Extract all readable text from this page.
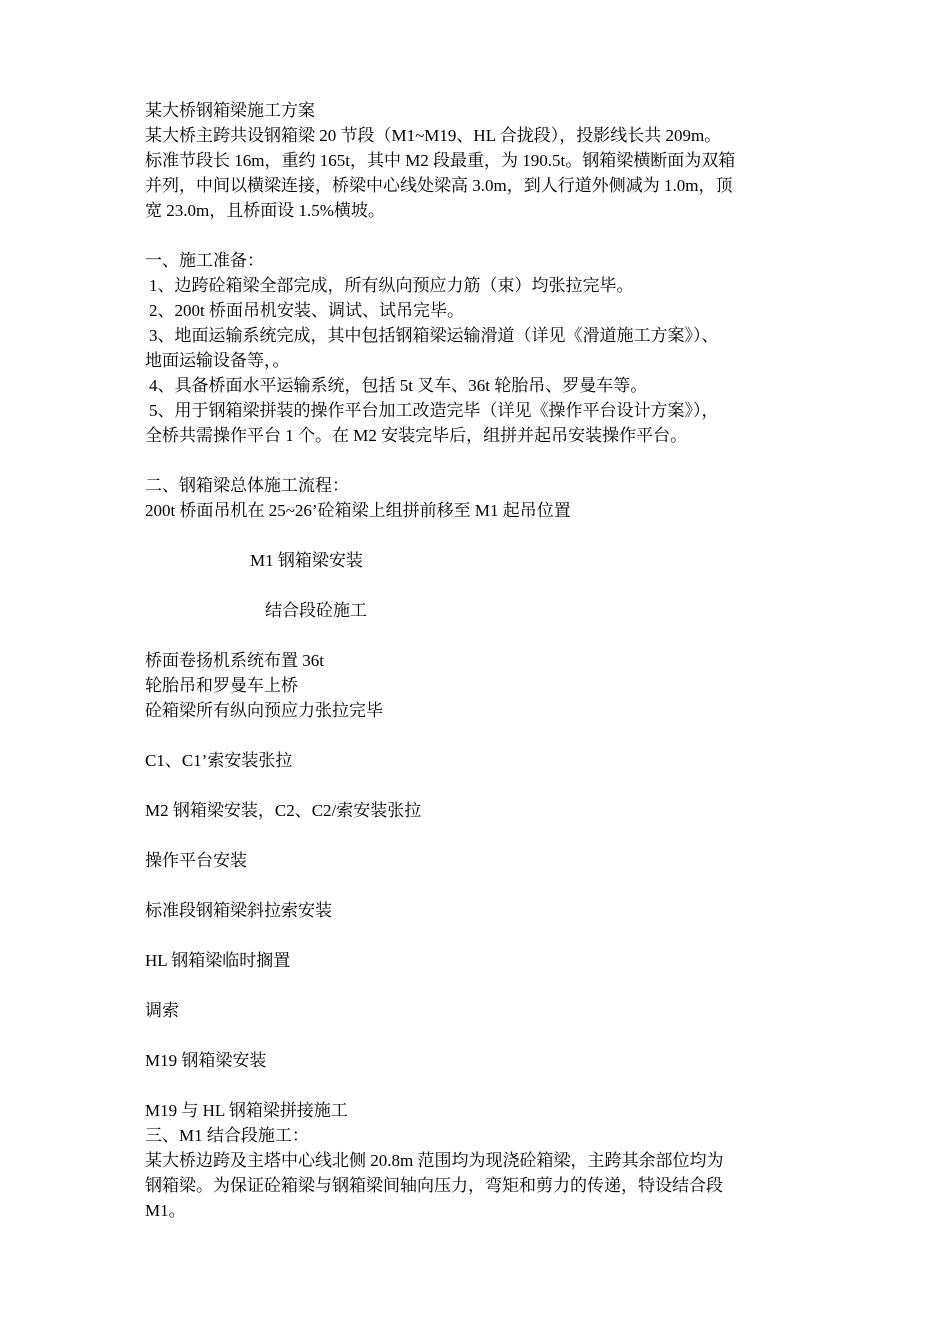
某大桥钢箱梁施工方案
某大桥主跨共设钢箱梁 20 节段（M1~M19、HL 合拢段），投影线长共 209m。
标准节段长 16m，重约 165t，其中 M2 段最重，为 190.5t。钢箱梁横断面为双箱
并列，中间以横梁连接，桥梁中心线处梁高 3.0m，到人行道外侧减为 1.0m，顶
宽 23.0m，且桥面设 1.5%横坡。
一、施工准备：
1、边跨砼箱梁全部完成，所有纵向预应力筋（束）均张拉完毕。
2、200t 桥面吊机安装、调试、试吊完毕。
3、地面运输系统完成，其中包括钢箱梁运输滑道（详见《滑道施工方案》）、
地面运输设备等，。
4、具备桥面水平运输系统，包括 5t 叉车、36t 轮胎吊、罗曼车等。
5、用于钢箱梁拼装的操作平台加工改造完毕（详见《操作平台设计方案》），
全桥共需操作平台 1 个。在 M2 安装完毕后，组拼并起吊安装操作平台。
二、钢箱梁总体施工流程：
200t 桥面吊机在 25~26’砼箱梁上组拼前移至 M1 起吊位置
M1 钢箱梁安装
结合段砼施工
桥面卷扬机系统布置 36t
轮胎吊和罗曼车上桥
砼箱梁所有纵向预应力张拉完毕
C1、C1’索安装张拉
M2 钢箱梁安装，C2、C2/索安装张拉
操作平台安装
标准段钢箱梁斜拉索安装
HL 钢箱梁临时搁置
调索
M19 钢箱梁安装
M19 与 HL 钢箱梁拼接施工
三、M1 结合段施工：
某大桥边跨及主塔中心线北侧 20.8m 范围均为现浇砼箱梁，主跨其余部位均为
钢箱梁。为保证砼箱梁与钢箱梁间轴向压力，弯矩和剪力的传递，特设结合段
M1。
